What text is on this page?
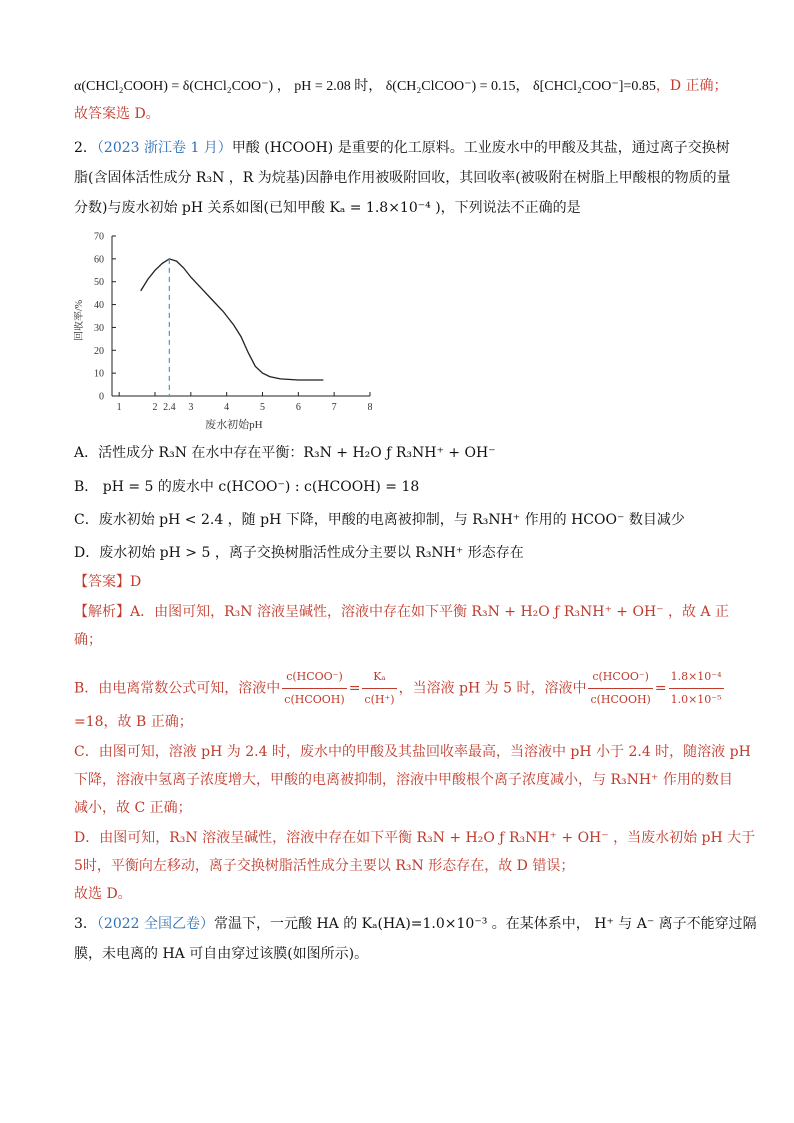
α(CHCl₂COOH) = δ(CHCl₂COO⁻) ， pH = 2.08 时， δ(CH₂ClCOO⁻) = 0.15， δ[CHCl₂COO⁻]=0.85，D 正确；
故答案选 D。
2．（2023 浙江卷 1 月）甲酸 (HCOOH) 是重要的化工原料。工业废水中的甲酸及其盐，通过离子交换树
脂(含固体活性成分 R₃N ，R 为烷基)因静电作用被吸附回收，其回收率(被吸附在树脂上甲酸根的物质的量
分数)与废水初始 pH 关系如图(已知甲酸 Kₐ = 1.8×10⁻⁴ )，下列说法不正确的是
0
10
20
30
40
50
60
70
1	2 2.4 3	4	5	6	7	8
回收率/%
废水初始pH
A．活性成分 R₃N 在水中存在平衡：R₃N + H₂O ƒ R₃NH⁺ + OH⁻
B． pH = 5 的废水中 c(HCOO⁻) : c(HCOOH) = 18
C．废水初始 pH < 2.4 ，随 pH 下降，甲酸的电离被抑制，与 R₃NH⁺ 作用的 HCOO⁻ 数目减少
D．废水初始 pH > 5 ，离子交换树脂活性成分主要以 R₃NH⁺ 形态存在
【答案】D
【解析】A．由图可知，R₃N 溶液呈碱性，溶液中存在如下平衡 R₃N + H₂O ƒ R₃NH⁺ + OH⁻ ，故 A 正
确；
B．由电离常数公式可知，溶液中 $\frac{\text{c(HCOO⁻)}}{\text{c(HCOOH)}} = \frac{\text{Kₐ}}{c(H^+)}$ ，当溶液 pH 为 5 时，溶液中 $\frac{\text{c(HCOO⁻)}}{\text{c(HCOOH)}} = \frac{\text{1.8×10⁻⁴}}{\text{1.0×10⁻⁵}}$
=18，故 B 正确；
C．由图可知，溶液 pH 为 2.4 时，废水中的甲酸及其盐回收率最高，当溶液中 pH 小于 2.4 时，随溶液 pH
下降，溶液中氢离子浓度增大，甲酸的电离被抑制，溶液中甲酸根个离子浓度减小，与 R₃NH⁺ 作用的数目
减小，故 C 正确；
D．由图可知，R₃N 溶液呈碱性，溶液中存在如下平衡 R₃N + H₂O ƒ R₃NH⁺ + OH⁻ ，当废水初始 pH 大于
5时，平衡向左移动，离子交换树脂活性成分主要以 R₃N 形态存在，故 D 错误；
故选 D。
3．（2022 全国乙卷）常温下，一元酸 HA 的 Kₐ(HA)=1.0×10⁻³ 。在某体系中， H⁺ 与 A⁻ 离子不能穿过隔
膜，未电离的 HA 可自由穿过该膜(如图所示)。
